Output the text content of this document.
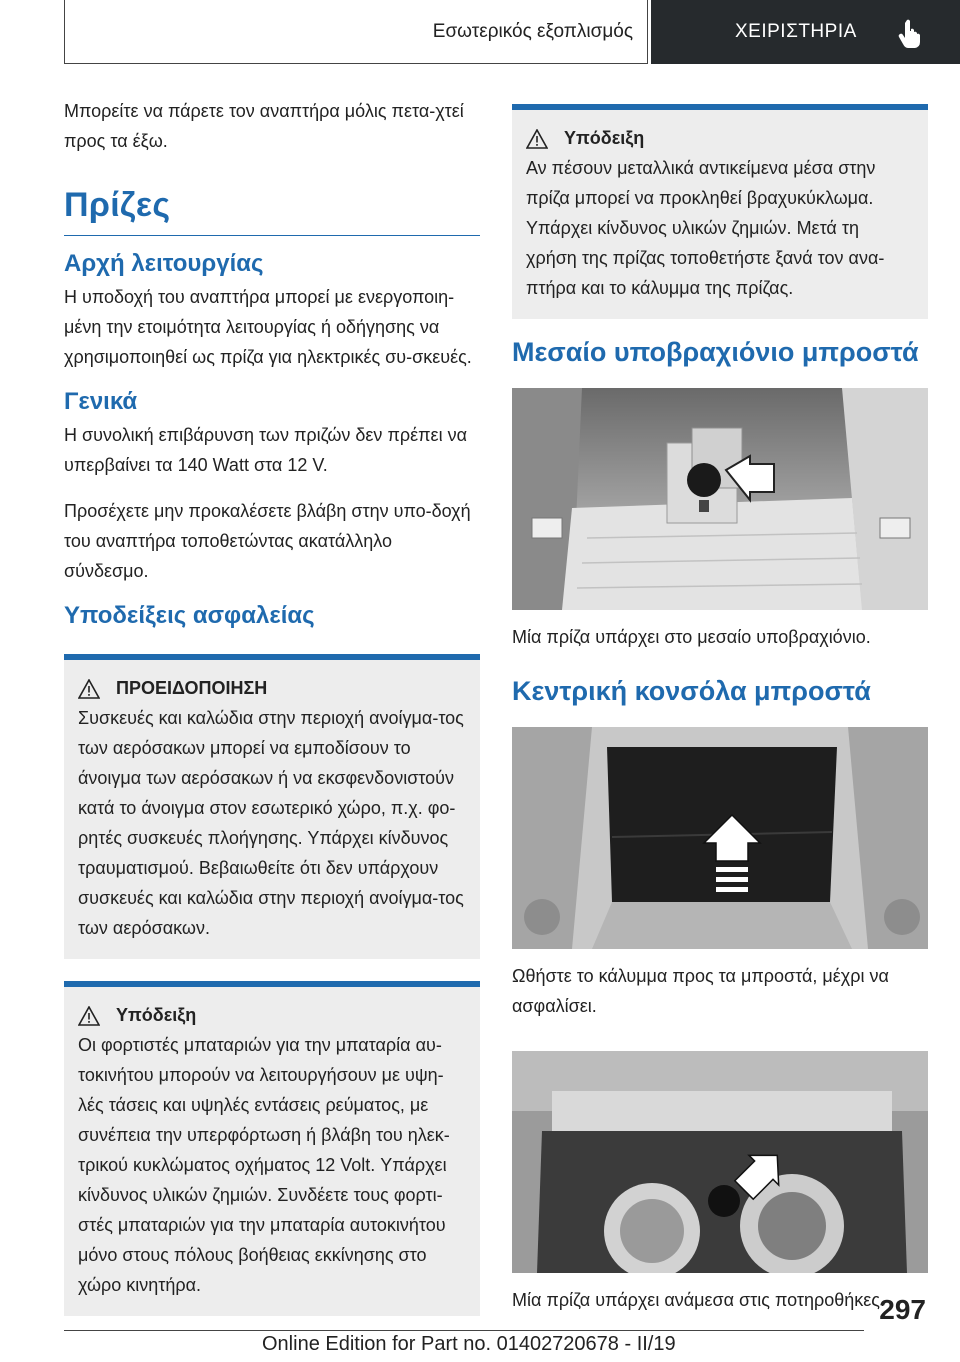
Εσωτερικός εξοπλισμός	ΧΕΙΡΙΣΤΗΡΙΑ

Μπορείτε να πάρετε τον αναπτήρα μόλις πετα-χτεί προς τα έξω.

Πρίζες
Αρχή λειτουργίας

Η υποδοχή του αναπτήρα μπορεί με ενεργοποιη-μένη την ετοιμότητα λειτουργίας ή οδήγησης να χρησιμοποιηθεί ως πρίζα για ηλεκτρικές συ-σκευές.

Γενικά

Η συνολική επιβάρυνση των πριζών δεν πρέπει να υπερβαίνει τα 140 Watt στα 12 V.

Προσέχετε μην προκαλέσετε βλάβη στην υπο-δοχή του αναπτήρα τοποθετώντας ακατάλληλο σύνδεσμο.

Υποδείξεις ασφαλείας
ΠΡΟΕΙΔΟΠΟΙΗΣΗ

Συσκευές και καλώδια στην περιοχή ανοίγμα-τος των αερόσακων μπορεί να εμποδίσουν το άνοιγμα των αερόσακων ή να εκσφενδονιστούν κατά το άνοιγμα στον εσωτερικό χώρο, π.χ. φο-ρητές συσκευές πλοήγησης. Υπάρχει κίνδυνος τραυματισμού. Βεβαιωθείτε ότι δεν υπάρχουν συσκευές και καλώδια στην περιοχή ανοίγμα-τος των αερόσακων.

Υπόδειξη

Οι φορτιστές μπαταριών για την μπαταρία αυ-τοκινήτου μπορούν να λειτουργήσουν με υψη-λές τάσεις και υψηλές εντάσεις ρεύματος, με συνέπεια την υπερφόρτωση ή βλάβη του ηλεκ-τρικού κυκλώματος οχήματος 12 Volt. Υπάρχει κίνδυνος υλικών ζημιών. Συνδέετε τους φορτι-στές μπαταριών για την μπαταρία αυτοκινήτου μόνο στους πόλους βοήθειας εκκίνησης στο χώρο κινητήρα.

Υπόδειξη

Αν πέσουν μεταλλικά αντικείμενα μέσα στην πρίζα μπορεί να προκληθεί βραχυκύκλωμα. Υπάρχει κίνδυνος υλικών ζημιών. Μετά τη χρήση της πρίζας τοποθετήστε ξανά τον ανα-πτήρα και το κάλυμμα της πρίζας.

Μεσαίο υποβραχιόνιο μπροστά

Μία πρίζα υπάρχει στο μεσαίο υποβραχιόνιο.

Κεντρική κονσόλα μπροστά

Ωθήστε το κάλυμμα προς τα μπροστά, μέχρι να ασφαλίσει.

Μία πρίζα υπάρχει ανάμεσα στις ποτηροθήκες.

297
Online Edition for Part no. 01402720678 - II/19
